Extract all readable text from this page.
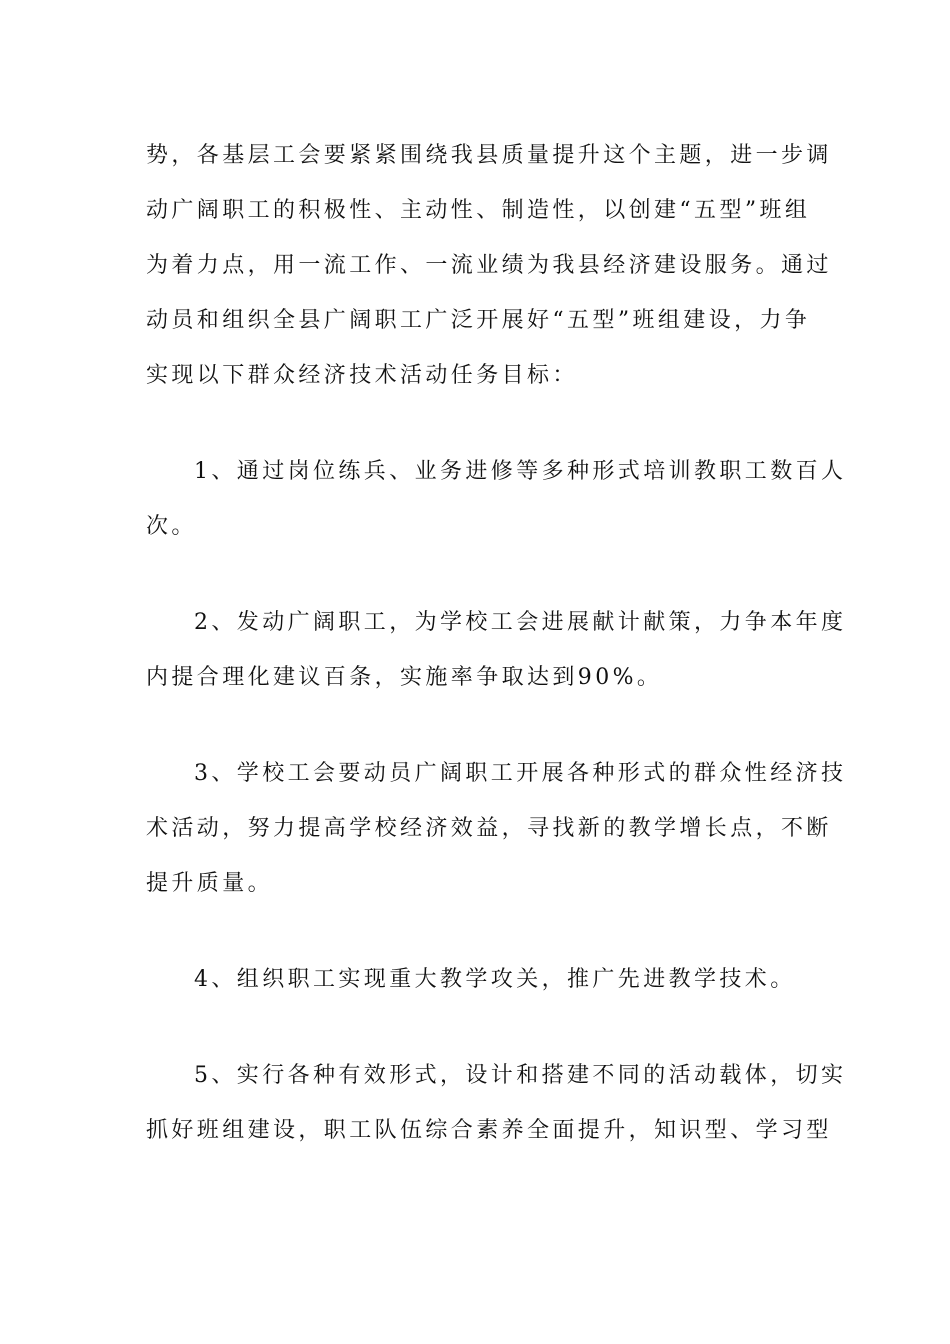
势，各基层工会要紧紧围绕我县质量提升这个主题，进一步调
动广阔职工的积极性、主动性、制造性，以创建“五型”班组
为着力点，用一流工作、一流业绩为我县经济建设服务。通过
动员和组织全县广阔职工广泛开展好“五型”班组建设，力争
实现以下群众经济技术活动任务目标：
1、通过岗位练兵、业务进修等多种形式培训教职工数百人
次。
2、发动广阔职工，为学校工会进展献计献策，力争本年度
内提合理化建议百条，实施率争取达到90%。
3、学校工会要动员广阔职工开展各种形式的群众性经济技
术活动，努力提高学校经济效益，寻找新的教学增长点，不断
提升质量。
4、组织职工实现重大教学攻关，推广先进教学技术。
5、实行各种有效形式，设计和搭建不同的活动载体，切实
抓好班组建设，职工队伍综合素养全面提升，知识型、学习型
